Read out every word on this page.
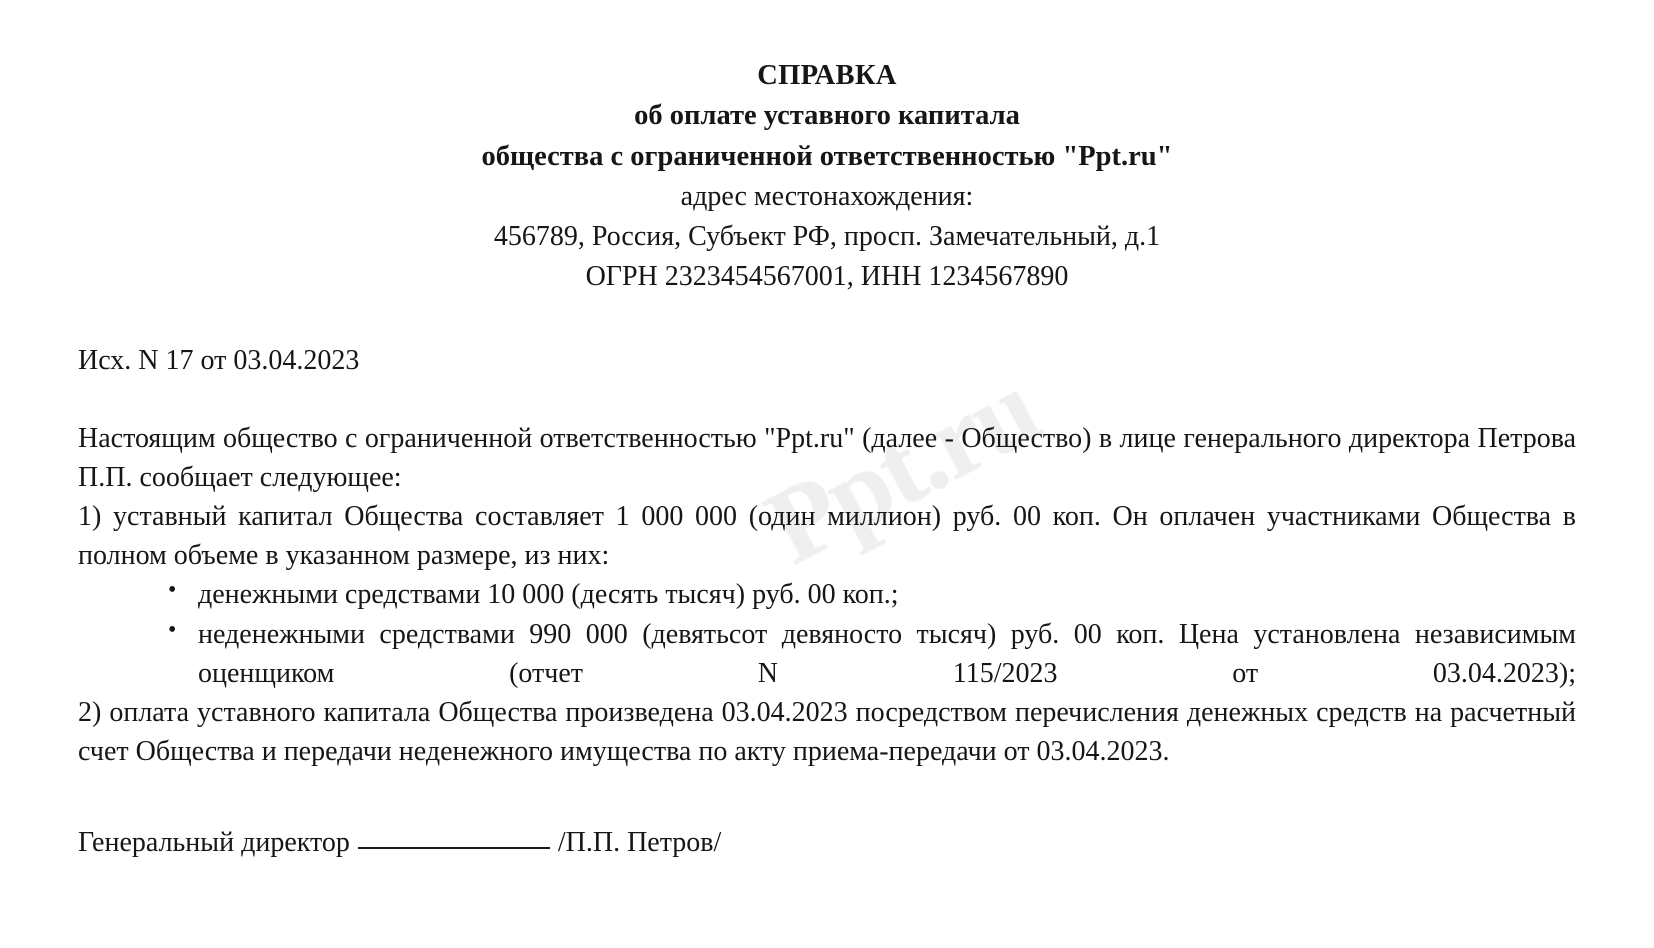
Ppt.ru
СПРАВКА
об оплате уставного капитала
общества с ограниченной ответственностью "Ppt.ru"
адрес местонахождения:
456789, Россия, Субъект РФ, просп. Замечательный, д.1
ОГРН 2323454567001, ИНН 1234567890
Исх. N 17 от 03.04.2023

Настоящим общество с ограниченной ответственностью "Ppt.ru" (далее - Общество) в лице генерального директора Петрова П.П. сообщает следующее:

1) уставный капитал Общества составляет 1 000 000 (один миллион) руб. 00 коп. Он оплачен участниками Общества в полном объеме в указанном размере, из них:

• денежными средствами 10 000 (десять тысяч) руб. 00 коп.;
• неденежными средствами 990 000 (девятьсот девяносто тысяч) руб. 00 коп. Цена установлена независимым оценщиком (отчет N 115/2023 от 03.04.2023);

2) оплата уставного капитала Общества произведена 03.04.2023 посредством перечисления денежных средств на расчетный счет Общества и передачи неденежного имущества по акту приема-передачи от 03.04.2023.

Генеральный директор	/П.П. Петров/
